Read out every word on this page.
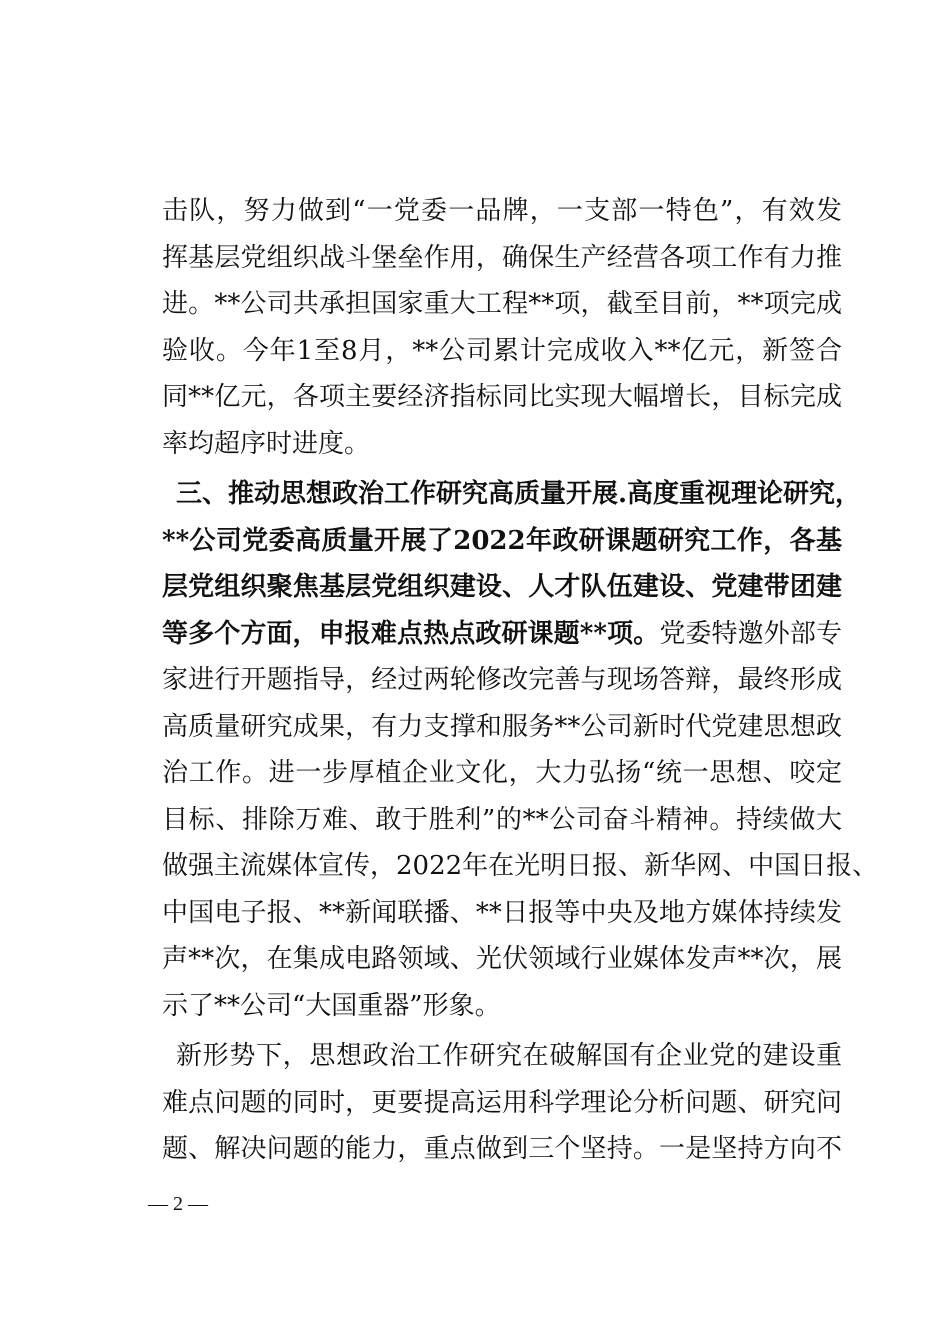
击队，努力做到“一党委一品牌，一支部一特色”，有效发
挥基层党组织战斗堡垒作用，确保生产经营各项工作有力推
进。**公司共承担国家重大工程**项，截至目前，**项完成
验收。今年1至8月，**公司累计完成收入**亿元，新签合
同**亿元，各项主要经济指标同比实现大幅增长，目标完成
率均超序时进度。
三、推动思想政治工作研究高质量开展.高度重视理论研究，
**公司党委高质量开展了2022年政研课题研究工作，各基
层党组织聚焦基层党组织建设、人才队伍建设、党建带团建
等多个方面，申报难点热点政研课题**项。党委特邀外部专
家进行开题指导，经过两轮修改完善与现场答辩，最终形成
高质量研究成果，有力支撑和服务**公司新时代党建思想政
治工作。进一步厚植企业文化，大力弘扬“统一思想、咬定
目标、排除万难、敢于胜利”的**公司奋斗精神。持续做大
做强主流媒体宣传，2022年在光明日报、新华网、中国日报、
中国电子报、**新闻联播、**日报等中央及地方媒体持续发
声**次，在集成电路领域、光伏领域行业媒体发声**次，展
示了**公司“大国重器”形象。
新形势下，思想政治工作研究在破解国有企业党的建设重
难点问题的同时，更要提高运用科学理论分析问题、研究问
题、解决问题的能力，重点做到三个坚持。一是坚持方向不
— 2 —
